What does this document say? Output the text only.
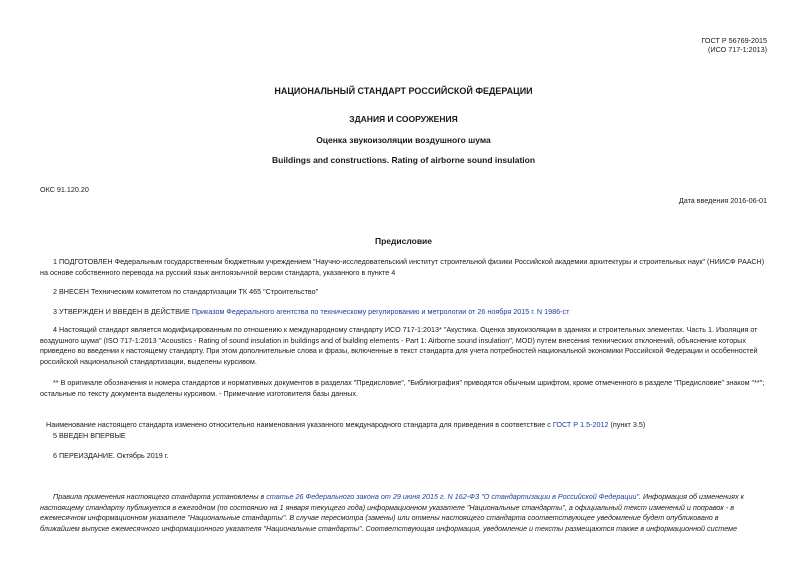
ГОСТ Р 56769-2015
(ИСО 717-1:2013)
НАЦИОНАЛЬНЫЙ СТАНДАРТ РОССИЙСКОЙ ФЕДЕРАЦИИ
ЗДАНИЯ И СООРУЖЕНИЯ
Оценка звукоизоляции воздушного шума
Buildings and constructions. Rating of airborne sound insulation
ОКС 91.120.20
Дата введения 2016-06-01
Предисловие
1 ПОДГОТОВЛЕН Федеральным государственным бюджетным учреждением "Научно-исследовательский институт строительной физики Российской академии архитектуры и строительных наук" (НИИСФ РААСН)
на основе собственного перевода на русский язык англоязычной версии стандарта, указанного в пункте 4
2 ВНЕСЕН Техническим комитетом по стандартизации ТК 465 "Строительство"
3 УТВЕРЖДЕН И ВВЕДЕН В ДЕЙСТВИЕ Приказом Федерального агентства по техническому регулированию и метрологии от 26 ноября 2015 г. N 1986-ст
4 Настоящий стандарт является модифицированным по отношению к международному стандарту ИСО 717-1:2013* "Акустика. Оценка звукоизоляции в зданиях и строительных элементах. Часть 1. Изоляция от
воздушного шума" (ISO 717-1:2013 "Acoustics - Rating of sound insulation in buildings and of building elements - Part 1: Airborne sound insulation", MOD) путем внесения технических отклонений, объяснение которых
приведено во введении к настоящему стандарту. При этом дополнительные слова и фразы, включенные в текст стандарта для учета потребностей национальной экономики Российской Федерации и особенностей
российской национальной стандартизации, выделены курсивом.
** В оригинале обозначения и номера стандартов и нормативных документов в разделах "Предисловие", "Библиография" приводятся обычным шрифтом, кроме отмеченного в разделе "Предисловие" знаком "**";
остальные по тексту документа выделены курсивом. - Примечание изготовителя базы данных.
Наименование настоящего стандарта изменено относительно наименования указанного международного стандарта для приведения в соответствие с ГОСТ Р 1.5-2012 (пункт 3.5)
5 ВВЕДЕН ВПЕРВЫЕ
6 ПЕРЕИЗДАНИЕ. Октябрь 2019 г.
Правила применения настоящего стандарта установлены в статье 26 Федерального закона от 29 июня 2015 г. N 162-ФЗ "О стандартизации в Российской Федерации". Информация об изменениях к
настоящему стандарту публикуется в ежегодном (по состоянию на 1 января текущего года) информационном указателе "Национальные стандарты", а официальный текст изменений и поправок - в
ежемесячном информационном указателе "Национальные стандарты". В случае пересмотра (замены) или отмены настоящего стандарта соответствующее уведомление будет опубликовано в
ближайшем выпуске ежемесячного информационного указателя "Национальные стандарты". Соответствующая информация, уведомление и тексты размещаются также в информационной системе
